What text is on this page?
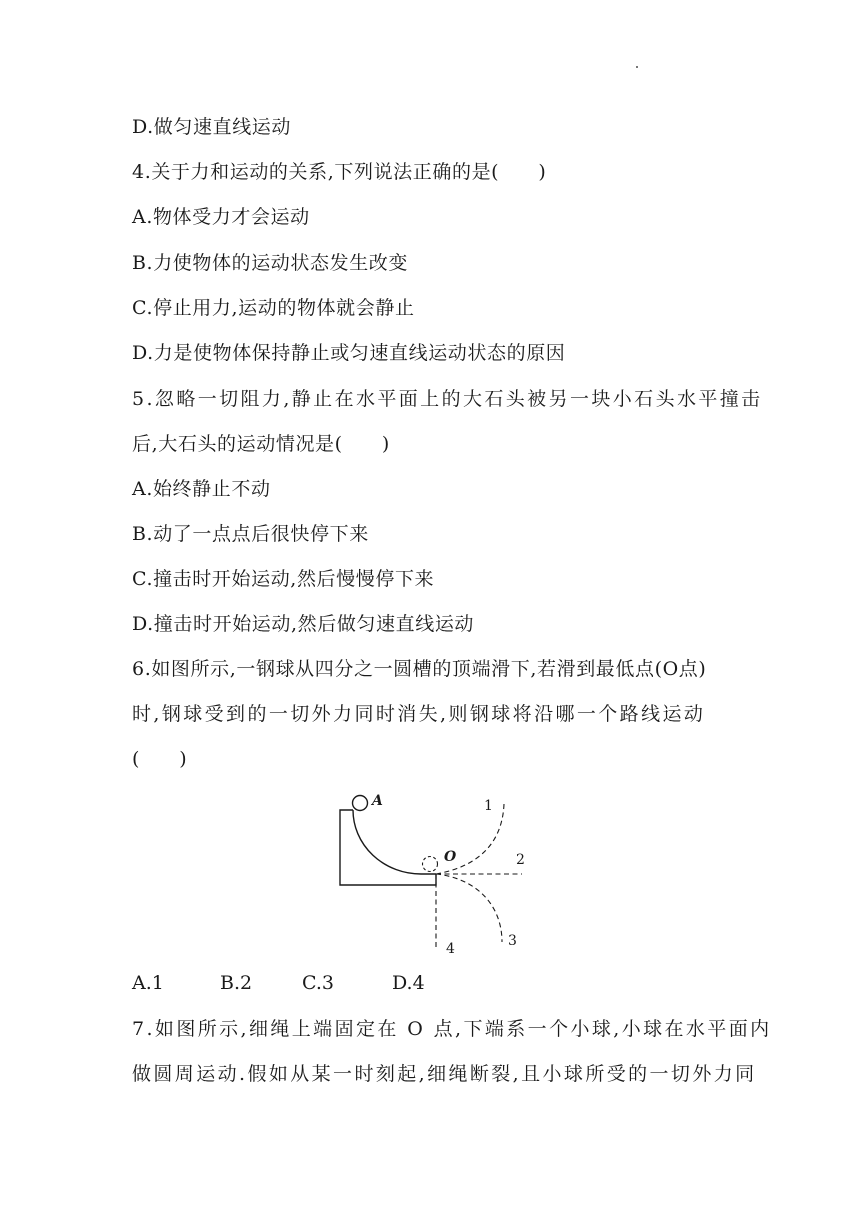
D.做匀速直线运动
4.关于力和运动的关系,下列说法正确的是(　　)
A.物体受力才会运动
B.力使物体的运动状态发生改变
C.停止用力,运动的物体就会静止
D.力是使物体保持静止或匀速直线运动状态的原因
5.忽略一切阻力,静止在水平面上的大石头被另一块小石头水平撞击
后,大石头的运动情况是(　　)
A.始终静止不动
B.动了一点点后很快停下来
C.撞击时开始运动,然后慢慢停下来
D.撞击时开始运动,然后做匀速直线运动
6.如图所示,一钢球从四分之一圆槽的顶端滑下,若滑到最低点(O点)
时,钢球受到的一切外力同时消失,则钢球将沿哪一个路线运动
(　　)
A
O
1
2
3
4
A.1	B.2	C.3	D.4
7.如图所示,细绳上端固定在 O 点,下端系一个小球,小球在水平面内
做圆周运动.假如从某一时刻起,细绳断裂,且小球所受的一切外力同
